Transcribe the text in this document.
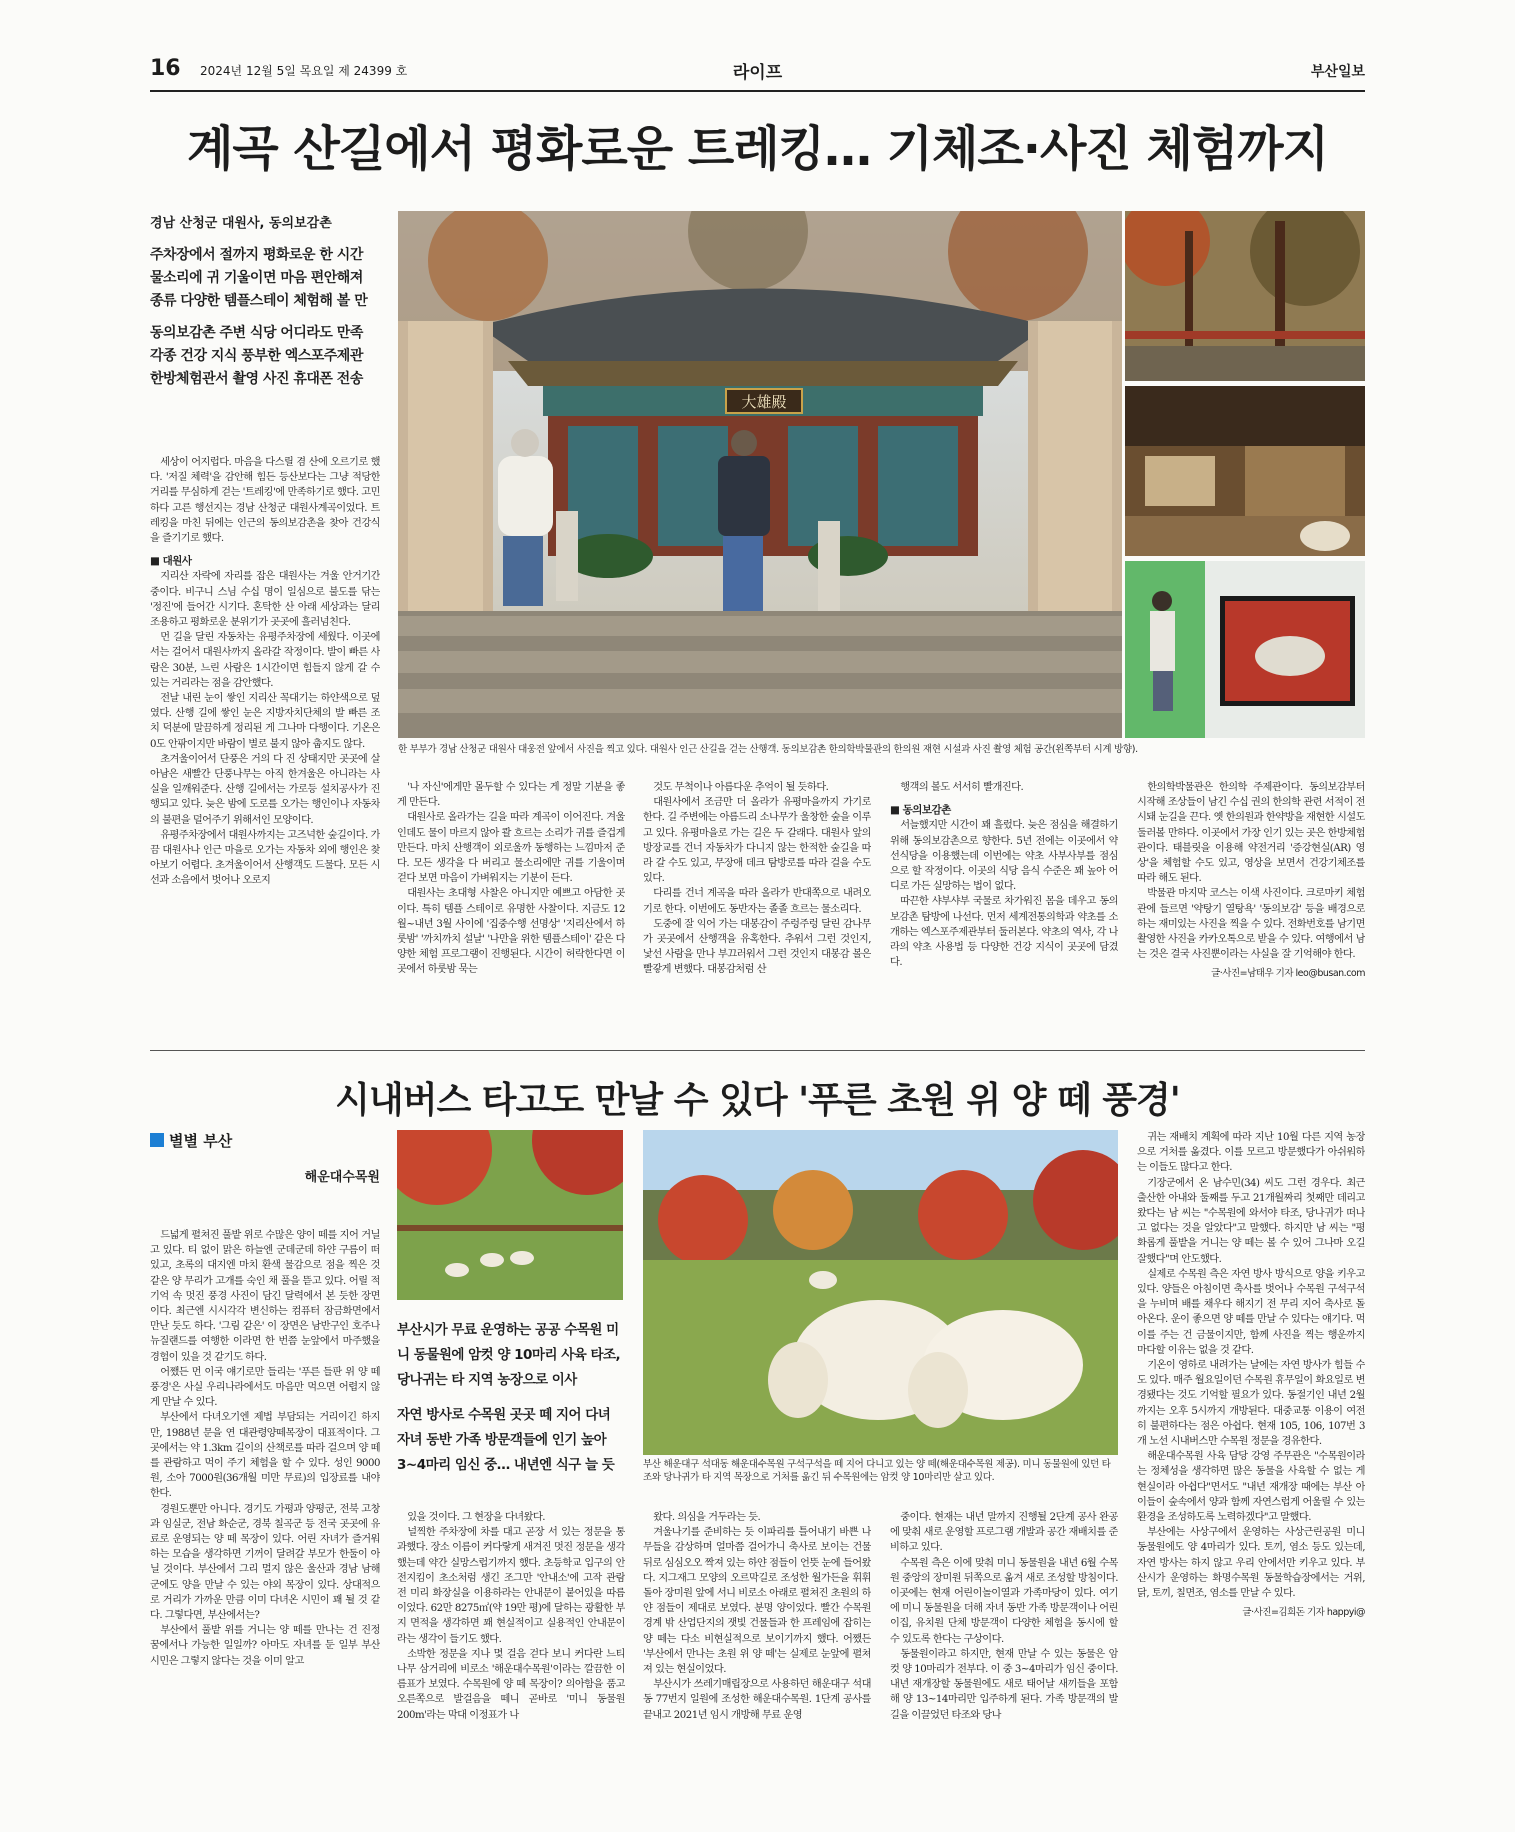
16 2024년 12월 5일 목요일 제 24399 호	라이프	부산일보
계곡 산길에서 평화로운 트레킹… 기체조·사진 체험까지
경남 산청군 대원사, 동의보감촌

주차장에서 절까지 평화로운 한 시간 물소리에 귀 기울이면 마음 편안해져 종류 다양한 템플스테이 체험해 볼 만

동의보감촌 주변 식당 어디라도 만족 각종 건강 지식 풍부한 엑스포주제관 한방체험관서 촬영 사진 휴대폰 전송

大雄殿
한 부부가 경남 산청군 대원사 대웅전 앞에서 사진을 찍고 있다. 대원사 인근 산길을 걷는 산행객. 동의보감촌 한의학박물관의 한의원 재현 시설과 사진 촬영 체험 공간(왼쪽부터 시계 방향).

세상이 어지럽다. 마음을 다스릴 겸 산에 오르기로 했다. '저질 체력'을 감안해 힘든 등산보다는 그냥 적당한 거리를 무심하게 걷는 '트레킹'에 만족하기로 했다. 고민하다 고른 행선지는 경남 산청군 대원사계곡이었다. 트레킹을 마친 뒤에는 인근의 동의보감촌을 찾아 건강식을 즐기기로 했다.

■ 대원사

지리산 자락에 자리를 잡은 대원사는 겨울 안거기간 중이다. 비구니 스님 수십 명이 일심으로 불도를 닦는 '정진'에 들어간 시기다. 혼탁한 산 아래 세상과는 달리 조용하고 평화로운 분위기가 곳곳에 흘러넘친다.

먼 길을 달린 자동차는 유평주차장에 세웠다. 이곳에서는 걸어서 대원사까지 올라갈 작정이다. 발이 빠른 사람은 30분, 느린 사람은 1시간이면 힘들지 않게 갈 수 있는 거리라는 점을 감안했다.

전날 내린 눈이 쌓인 지리산 꼭대기는 하얀색으로 덮였다. 산행 길에 쌓인 눈은 지방자치단체의 발 빠른 조치 덕분에 말끔하게 정리된 게 그나마 다행이다. 기온은 0도 안팎이지만 바람이 별로 불지 않아 춥지도 않다.

초겨울이어서 단풍은 거의 다 진 상태지만 곳곳에 살아남은 새빨간 단풍나무는 아직 한겨울은 아니라는 사실을 일깨워준다. 산행 길에서는 가로등 설치공사가 진행되고 있다. 늦은 밤에 도로를 오가는 행인이나 자동차의 불편을 덜어주기 위해서인 모양이다.

유평주차장에서 대원사까지는 고즈넉한 숲길이다. 가끔 대원사나 인근 마을로 오가는 자동차 외에 행인은 찾아보기 어렵다. 초겨울이어서 산행객도 드물다. 모든 시선과 소음에서 벗어나 오로지

'나 자신'에게만 몰두할 수 있다는 게 정말 기분을 좋게 만든다.

대원사로 올라가는 길을 따라 계곡이 이어진다. 겨울인데도 물이 마르지 않아 콸 흐르는 소리가 귀를 즐겁게 만든다. 마치 산행객이 외로울까 동행하는 느낌마저 준다. 모든 생각을 다 버리고 물소리에만 귀를 기울이며 걷다 보면 마음이 가벼워지는 기분이 든다.

대원사는 초대형 사찰은 아니지만 예쁘고 아담한 곳이다. 특히 템플 스테이로 유명한 사찰이다. 지금도 12월~내년 3월 사이에 '집중수행 선명상' '지리산에서 하룻밤' '까치까치 설날' '나만을 위한 템플스테이' 같은 다양한 체험 프로그램이 진행된다. 시간이 허락한다면 이곳에서 하룻밤 묵는

것도 무척이나 아름다운 추억이 될 듯하다.

대원사에서 조금만 더 올라가 유평마을까지 가기로 한다. 길 주변에는 아름드리 소나무가 울창한 숲을 이루고 있다. 유평마을로 가는 길은 두 갈래다. 대원사 앞의 방장교를 건너 자동차가 다니지 않는 한적한 숲길을 따라 갈 수도 있고, 무장애 데크 탐방로를 따라 걸을 수도 있다.

다리를 건너 계곡을 따라 올라가 반대쪽으로 내려오기로 한다. 이번에도 동반자는 졸졸 흐르는 물소리다.

도중에 잘 익어 가는 대봉감이 주렁주렁 달린 감나무가 곳곳에서 산행객을 유혹한다. 추워서 그런 것인지, 낯선 사람을 만나 부끄러워서 그런 것인지 대봉감 볼은 빨갛게 변했다. 대봉감처럼 산

행객의 볼도 서서히 빨개진다.

■ 동의보감촌

서늘했지만 시간이 꽤 흘렀다. 늦은 점심을 해결하기 위해 동의보감촌으로 향한다. 5년 전에는 이곳에서 약선식당을 이용했는데 이번에는 약초 사부사부를 점심으로 할 작정이다. 이곳의 식당 음식 수준은 꽤 높아 어디로 가든 실망하는 법이 없다.

따끈한 샤부샤부 국물로 차가워진 몸을 데우고 동의보감촌 탐방에 나선다. 먼저 세계전통의학과 약초를 소개하는 엑스포주제관부터 둘러본다. 약초의 역사, 각 나라의 약초 사용법 등 다양한 건강 지식이 곳곳에 담겼다.

한의학박물관은 한의학 주제관이다. 동의보감부터 시작해 조상들이 남긴 수십 권의 한의학 관련 서적이 전시돼 눈길을 끈다. 옛 한의원과 한약방을 재현한 시설도 둘러볼 만하다. 이곳에서 가장 인기 있는 곳은 한방체험관이다. 태블릿을 이용해 약전거리 '증강현실(AR) 영상'을 체험할 수도 있고, 영상을 보면서 건강기체조를 따라 해도 된다.

박물관 마지막 코스는 이색 사진이다. 크로마키 체험관에 들르면 '약탕기 열탕욕' '동의보감' 등을 배경으로 하는 재미있는 사진을 찍을 수 있다. 전화번호를 남기면 촬영한 사진을 카카오톡으로 받을 수 있다. 여행에서 남는 것은 결국 사진뿐이라는 사실을 잘 기억해야 한다.

글·사진=남태우 기자 leo@busan.com
시내버스 타고도 만날 수 있다 '푸른 초원 위 양 떼 풍경'
별별 부산
해운대수목원

부산시가 무료 운영하는 공공 수목원 미니 동물원에 암컷 양 10마리 사육 타조, 당나귀는 타 지역 농장으로 이사

자연 방사로 수목원 곳곳 떼 지어 다녀 자녀 동반 가족 방문객들에 인기 높아 3~4마리 임신 중… 내년엔 식구 늘 듯	부산 해운대구 석대동 해운대수목원 구석구석을 떼 지어 다니고 있는 양 떼(해운대수목원 제공). 미니 동물원에 있던 타조와 당나귀가 타 지역 목장으로 거처를 옮긴 뒤 수목원에는 암컷 양 10마리만 살고 있다.

드넓게 펼쳐진 풀밭 위로 수많은 양이 떼를 지어 거닐고 있다. 티 없이 맑은 하늘엔 군데군데 하얀 구름이 떠 있고, 초록의 대지엔 마치 환색 물감으로 점을 찍은 것 같은 양 무리가 고개를 숙인 채 풀을 뜯고 있다. 어릴 적 기억 속 멋진 풍경 사진이 담긴 달력에서 본 듯한 장면이다. 최근엔 시시각각 변신하는 컴퓨터 잠금화면에서 만난 듯도 하다. '그림 같은' 이 장면은 남반구인 호주나 뉴질랜드를 여행한 이라면 한 번쯤 눈앞에서 마주했을 경험이 있을 것 같기도 하다.

어쨌든 먼 이국 얘기로만 들리는 '푸른 들판 위 양 떼 풍경'은 사실 우리나라에서도 마음만 먹으면 어렵지 않게 만날 수 있다.

부산에서 다녀오기엔 제법 부담되는 거리이긴 하지만, 1988년 문을 연 대관령양떼목장이 대표적이다. 그곳에서는 약 1.3km 길이의 산책로를 따라 걸으며 양 떼를 관람하고 먹이 주기 체험을 할 수 있다. 성인 9000원, 소아 7000원(36개월 미만 무료)의 입장료를 내야 한다.

경원도뿐만 아니다. 경기도 가평과 양평군, 전북 고창과 임실군, 전남 화순군, 경북 칠곡군 등 전국 곳곳에 유료로 운영되는 양 떼 목장이 있다. 어린 자녀가 즐거워하는 모습을 생각하면 기꺼이 달려갈 부모가 한둘이 아닐 것이다. 부산에서 그리 멀지 않은 울산과 경남 남해군에도 양을 만날 수 있는 야외 목장이 있다. 상대적으로 거리가 가까운 만큼 이미 다녀온 시민이 꽤 될 것 같다. 그렇다면, 부산에서는?

부산에서 풀밭 위를 거니는 양 떼를 만나는 건 진정 꿈에서나 가능한 일일까? 아마도 자녀를 둔 일부 부산 시민은 그렇지 않다는 것을 이미 알고

있을 것이다. 그 현장을 다녀왔다.

널찍한 주차장에 차를 대고 곧장 서 있는 정문을 통과했다. 장소 이름이 커다랗게 새겨진 멋진 정문을 생각했는데 약간 실망스럽기까지 했다. 초등학교 입구의 안전지킴이 초소처럼 생긴 조그만 '안내소'에 고작 관람 전 미리 화장실을 이용하라는 안내문이 붙어있을 따름이었다. 62만 8275㎡(약 19만 평)에 달하는 광활한 부지 면적을 생각하면 꽤 현실적이고 실용적인 안내문이라는 생각이 들기도 했다.

소박한 정문을 지나 몇 걸음 걷다 보니 커다란 느티나무 삼거리에 비로소 '해운대수목원'이라는 깔끔한 이름표가 보였다. 수목원에 양 떼 목장이? 의아함을 품고 오른쪽으로 발걸음을 떼니 곧바로 '미니 동물원 200m'라는 막대 이정표가 나

왔다. 의심을 거두라는 듯.

겨울나기를 준비하는 듯 이파리를 틀어내기 바쁜 나무들을 감상하며 얼마쯤 걸어가니 축사로 보이는 건물 뒤로 심심오오 짝져 있는 하얀 점들이 언뜻 눈에 들어왔다. 지그재그 모양의 오르막길로 조성한 월가든을 휘휘 돌아 장미원 앞에 서니 비로소 아래로 펼쳐진 초원의 하얀 점들이 제대로 보였다. 분명 양이었다. 빨간 수목원 경계 밖 산업단지의 잿빛 건물들과 한 프레임에 잡히는 양 떼는 다소 비현실적으로 보이기까지 했다. 어쨌든 '부산에서 만나는 초원 위 양 떼'는 실제로 눈앞에 펼쳐져 있는 현실이었다.

부산시가 쓰레기매립장으로 사용하던 해운대구 석대동 77번지 일원에 조성한 해운대수목원. 1단계 공사를 끝내고 2021년 임시 개방해 무료 운영

중이다. 현재는 내년 말까지 진행될 2단계 공사 완공에 맞춰 새로 운영할 프로그램 개발과 공간 재배치를 준비하고 있다.

수목원 측은 이에 맞춰 미니 동물원을 내년 6월 수목원 중앙의 장미원 뒤쪽으로 옮겨 새로 조성할 방침이다. 이곳에는 현재 어린이놀이열과 가족마당이 있다. 여기에 미니 동물원을 더해 자녀 동반 가족 방문객이나 어린이집, 유치원 단체 방문객이 다양한 체험을 동시에 할 수 있도록 한다는 구상이다.

동물원이라고 하지만, 현재 만날 수 있는 동물은 암컷 양 10마리가 전부다. 이 중 3~4마리가 임신 중이다. 내년 재개장할 동물원에도 새로 태어날 새끼들을 포함해 양 13~14마리만 입주하게 된다. 가족 방문객의 발길을 이끌었던 타조와 당나

귀는 재배치 계획에 따라 지난 10월 다른 지역 농장으로 거처를 옮겼다. 이를 모르고 방문했다가 아쉬워하는 이들도 많다고 한다.

기장군에서 온 남수민(34) 씨도 그런 경우다. 최근 출산한 아내와 둘째를 두고 21개월짜리 첫째만 데리고 왔다는 남 씨는 "수목원에 와서야 타조, 당나귀가 떠나고 없다는 것을 알았다"고 말했다. 하지만 남 씨는 "평화롭게 풀밭을 거니는 양 떼는 볼 수 있어 그나마 오길 잘했다"며 안도했다.

실제로 수목원 측은 자연 방사 방식으로 양을 키우고 있다. 양들은 아침이면 축사를 벗어나 수목원 구석구석을 누비며 배를 채우다 해지기 전 무리 지어 축사로 돌아온다. 운이 좋으면 양 떼를 만날 수 있다는 얘기다. 먹이를 주는 건 금물이지만, 함께 사진을 찍는 행운까지 마다할 이유는 없을 것 같다.

기온이 영하로 내려가는 날에는 자연 방사가 힘들 수도 있다. 매주 월요일이던 수목원 휴무일이 화요일로 변경됐다는 것도 기억할 필요가 있다. 동절기인 내년 2월까지는 오후 5시까지 개방된다. 대중교통 이용이 여전히 불편하다는 점은 아쉽다. 현재 105, 106, 107번 3개 노선 시내버스만 수목원 정문을 경유한다.

해운대수목원 사육 담당 강영 주무관은 "수목원이라는 정체성을 생각하면 많은 동물을 사육할 수 없는 게 현실이라 아쉽다"면서도 "내년 재개장 때에는 부산 아이들이 숲속에서 양과 함께 자연스럽게 어울릴 수 있는 환경을 조성하도록 노력하겠다"고 말했다.

부산에는 사상구에서 운영하는 사상근린공원 미니 동물원에도 양 4마리가 있다. 토끼, 염소 등도 있는데, 자연 방사는 하지 않고 우리 안에서만 키우고 있다. 부산시가 운영하는 화명수목원 동물학습장에서는 거위, 닭, 토끼, 칠면조, 염소를 만날 수 있다.

글·사진=김희돈 기자 happyi@
